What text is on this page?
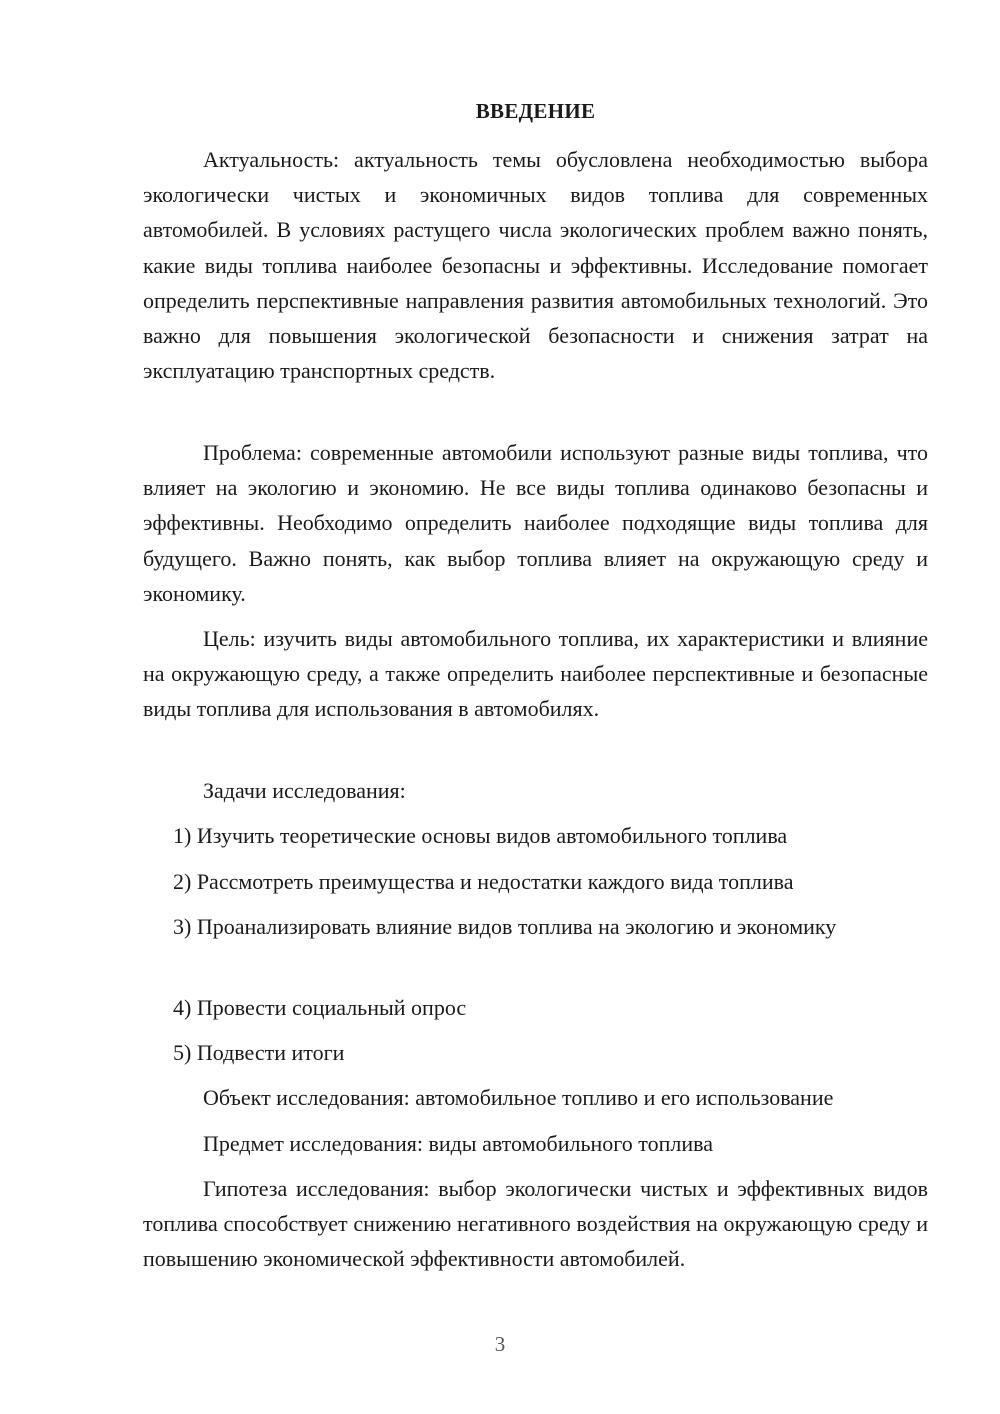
ВВЕДЕНИЕ

Актуальность: актуальность темы обусловлена необходимостью выбора экологически чистых и экономичных видов топлива для современных автомобилей. В условиях растущего числа экологических проблем важно понять, какие виды топлива наиболее безопасны и эффективны. Исследование помогает определить перспективные направления развития автомобильных технологий. Это важно для повышения экологической безопасности и снижения затрат на эксплуатацию транспортных средств.

Проблема: современные автомобили используют разные виды топлива, что влияет на экологию и экономию. Не все виды топлива одинаково безопасны и эффективны. Необходимо определить наиболее подходящие виды топлива для будущего. Важно понять, как выбор топлива влияет на окружающую среду и экономику.

Цель: изучить виды автомобильного топлива, их характеристики и влияние на окружающую среду, а также определить наиболее перспективные и безопасные виды топлива для использования в автомобилях.

Задачи исследования:

1) Изучить теоретические основы видов автомобильного топлива

2) Рассмотреть преимущества и недостатки каждого вида топлива

3) Проанализировать влияние видов топлива на экологию и экономику

4) Провести социальный опрос

5) Подвести итоги

Объект исследования: автомобильное топливо и его использование

Предмет исследования: виды автомобильного топлива

Гипотеза исследования: выбор экологически чистых и эффективных видов топлива способствует снижению негативного воздействия на окружающую среду и повышению экономической эффективности автомобилей.

3
